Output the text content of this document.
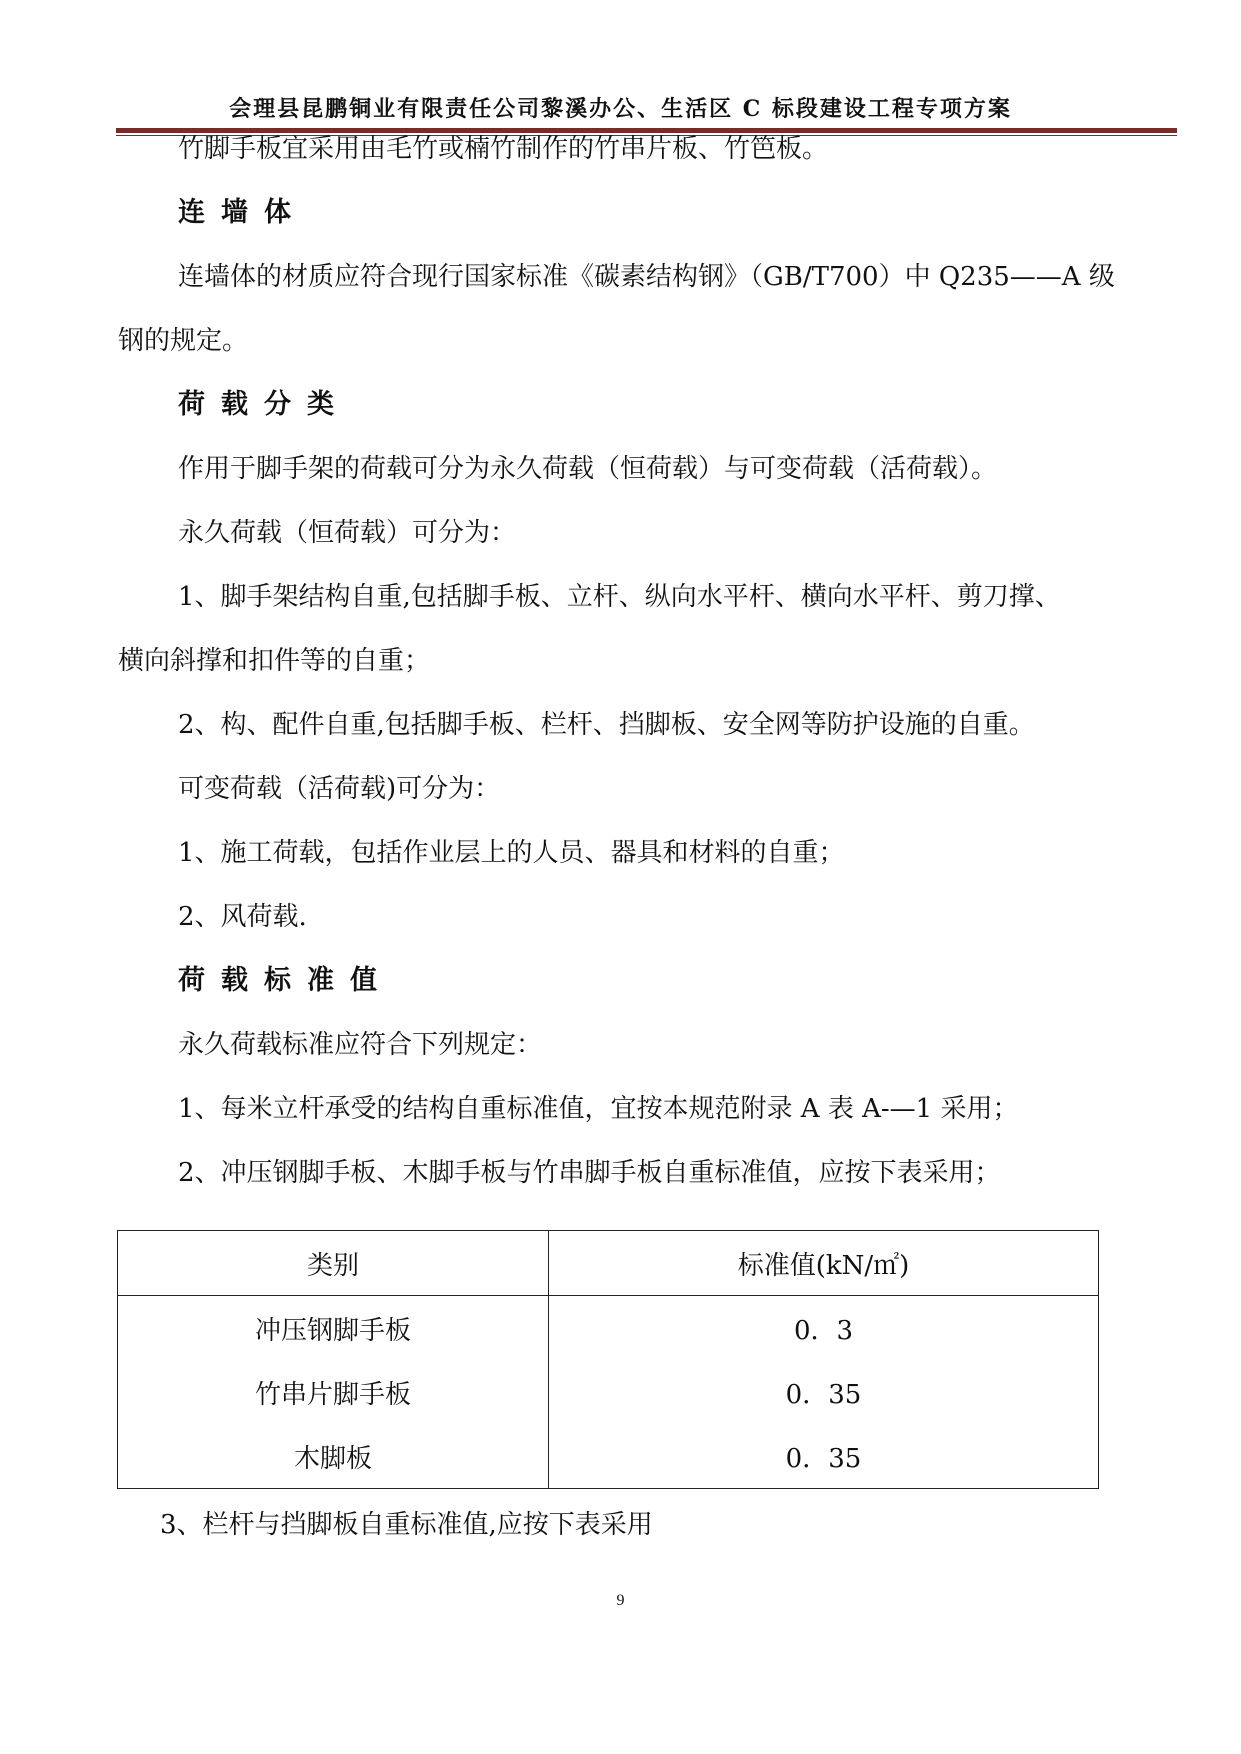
会理县昆鹏铜业有限责任公司黎溪办公、生活区 C 标段建设工程专项方案
竹脚手板宜采用由毛竹或楠竹制作的竹串片板、竹笆板。
连墙体
连墙体的材质应符合现行国家标准《碳素结构钢》（GB/T700）中 Q235——A 级
钢的规定。
荷载分类
作用于脚手架的荷载可分为永久荷载（恒荷载）与可变荷载（活荷载）。
永久荷载（恒荷载）可分为：
1、脚手架结构自重,包括脚手板、立杆、纵向水平杆、横向水平杆、剪刀撑、
横向斜撑和扣件等的自重；
2、构、配件自重,包括脚手板、栏杆、挡脚板、安全网等防护设施的自重。
可变荷载（活荷载)可分为：
1、施工荷载，包括作业层上的人员、器具和材料的自重；
2、风荷载.
荷载标准值
永久荷载标准应符合下列规定：
1、每米立杆承受的结构自重标准值，宜按本规范附录 A 表 A-—1 采用；
2、冲压钢脚手板、木脚手板与竹串脚手板自重标准值，应按下表采用；
类别	标准值(kN/㎡)
冲压钢脚手板	0．3
竹串片脚手板	0．35
木脚板	0．35
3、栏杆与挡脚板自重标准值,应按下表采用
9
